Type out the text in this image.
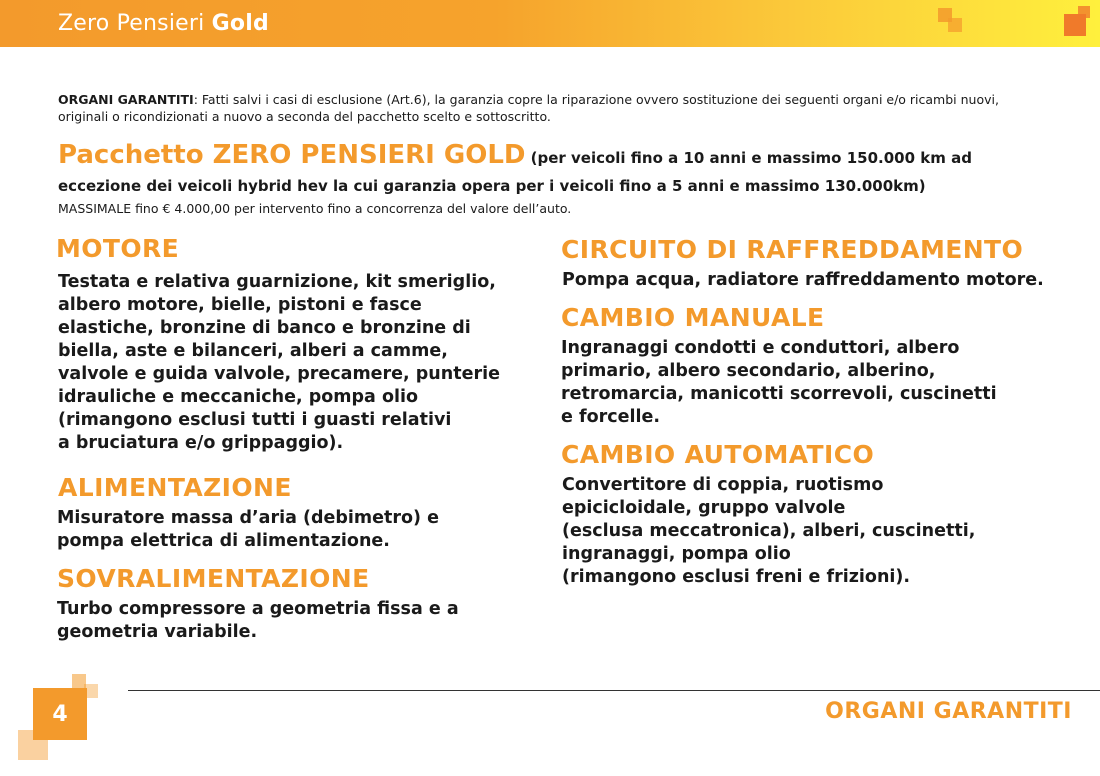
Zero Pensieri Gold
ORGANI GARANTITI: Fatti salvi i casi di esclusione (Art.6), la garanzia copre la riparazione ovvero sostituzione dei seguenti organi e/o ricambi nuovi, originali o ricondizionati a nuovo a seconda del pacchetto scelto e sottoscritto.
Pacchetto ZERO PENSIERI GOLD (per veicoli fino a 10 anni e massimo 150.000 km ad eccezione dei veicoli hybrid hev la cui garanzia opera per i veicoli fino a 5 anni e massimo 130.000km)
MASSIMALE fino € 4.000,00 per intervento fino a concorrenza del valore dell’auto.
MOTORE
Testata e relativa guarnizione, kit smeriglio,
albero motore, bielle, pistoni e fasce
elastiche, bronzine di banco e bronzine di
biella, aste e bilanceri, alberi a camme,
valvole e guida valvole, precamere, punterie
idrauliche e meccaniche, pompa olio
(rimangono esclusi tutti i guasti relativi
a bruciatura e/o grippaggio).
ALIMENTAZIONE
Misuratore massa d’aria (debimetro) e
pompa elettrica di alimentazione.
SOVRALIMENTAZIONE
Turbo compressore a geometria fissa e a
geometria variabile.
CIRCUITO DI RAFFREDDAMENTO
Pompa acqua, radiatore raffreddamento motore.
CAMBIO MANUALE
Ingranaggi condotti e conduttori, albero
primario, albero secondario, alberino,
retromarcia, manicotti scorrevoli, cuscinetti
e forcelle.
CAMBIO AUTOMATICO
Convertitore di coppia, ruotismo
epicicloidale, gruppo valvole
(esclusa meccatronica), alberi, cuscinetti,
ingranaggi, pompa olio
(rimangono esclusi freni e frizioni).
4	ORGANI GARANTITI
